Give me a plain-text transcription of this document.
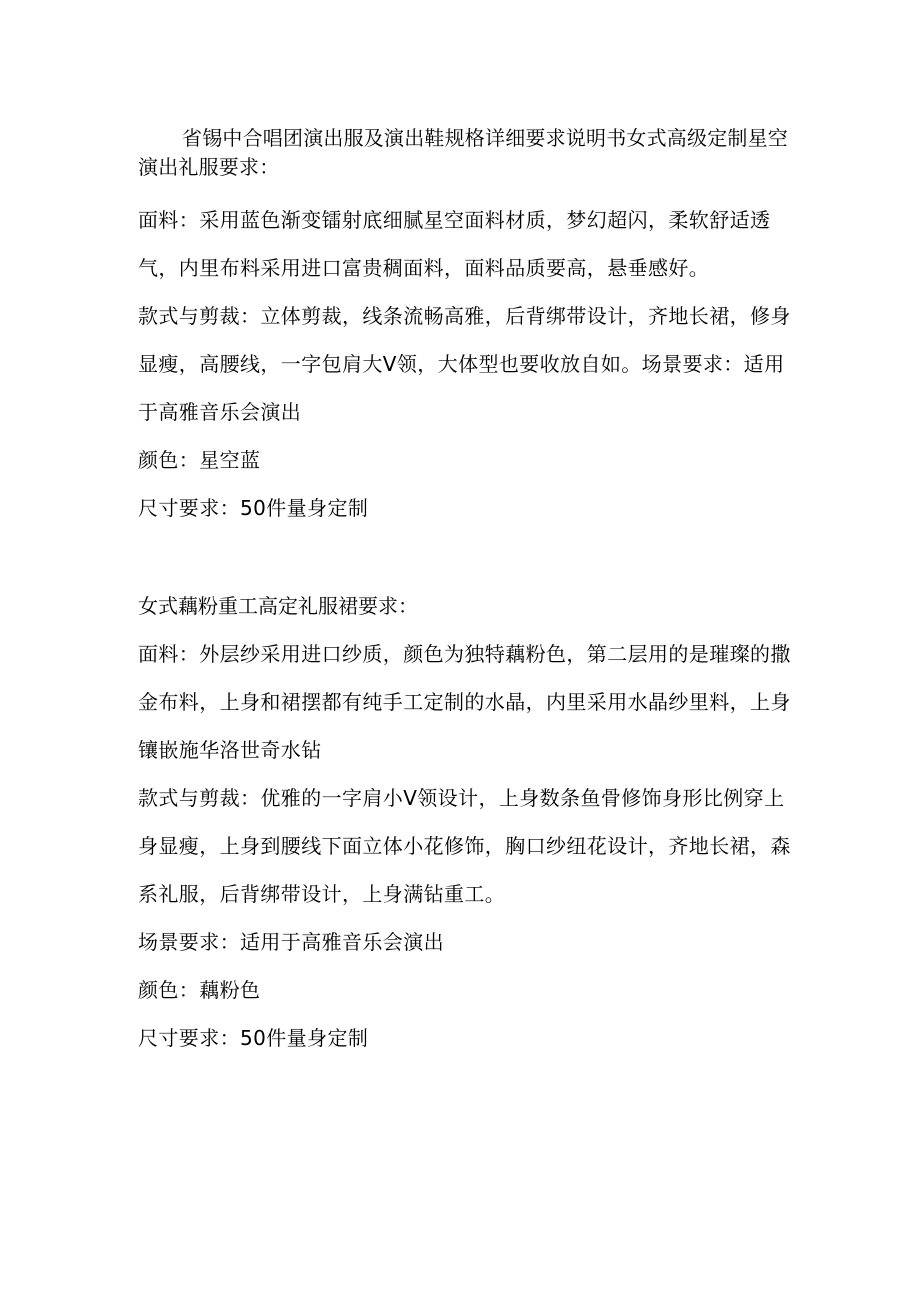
省锡中合唱团演出服及演出鞋规格详细要求说明书女式高级定制星空演出礼服要求：

面料：采用蓝色渐变镭射底细腻星空面料材质，梦幻超闪，柔软舒适透气，内里布料采用进口富贵稠面料，面料品质要高，悬垂感好。

款式与剪裁：立体剪裁，线条流畅高雅，后背绑带设计，齐地长裙，修身显瘦，高腰线，一字包肩大V领，大体型也要收放自如。场景要求：适用于高雅音乐会演出

颜色：星空蓝

尺寸要求：50件量身定制

女式藕粉重工高定礼服裙要求：

面料：外层纱采用进口纱质，颜色为独特藕粉色，第二层用的是璀璨的撒金布料，上身和裙摆都有纯手工定制的水晶，内里采用水晶纱里料，上身镶嵌施华洛世奇水钻

款式与剪裁：优雅的一字肩小V领设计，上身数条鱼骨修饰身形比例穿上身显瘦，上身到腰线下面立体小花修饰，胸口纱纽花设计，齐地长裙，森系礼服，后背绑带设计，上身满钻重工。

场景要求：适用于高雅音乐会演出

颜色：藕粉色

尺寸要求：50件量身定制
